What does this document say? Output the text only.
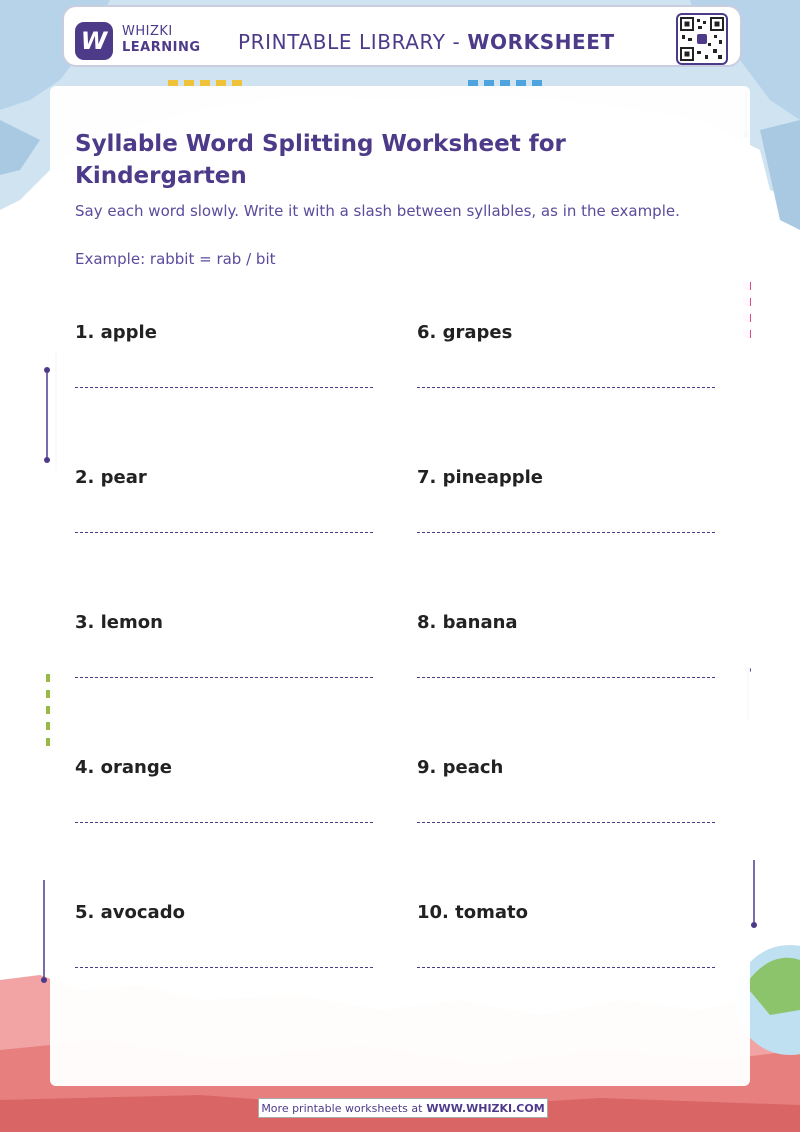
W WHIZKI
LEARNING PRINTABLE LIBRARY - WORKSHEET
Syllable Word Splitting Worksheet for Kindergarten
Say each word slowly. Write it with a slash between syllables, as in the example.
Example: rabbit = rab / bit
1. apple
2. pear
3. lemon
4. orange
5. avocado
6. grapes
7. pineapple
8. banana
9. peach
10. tomato
More printable worksheets at WWW.WHIZKI.COM
